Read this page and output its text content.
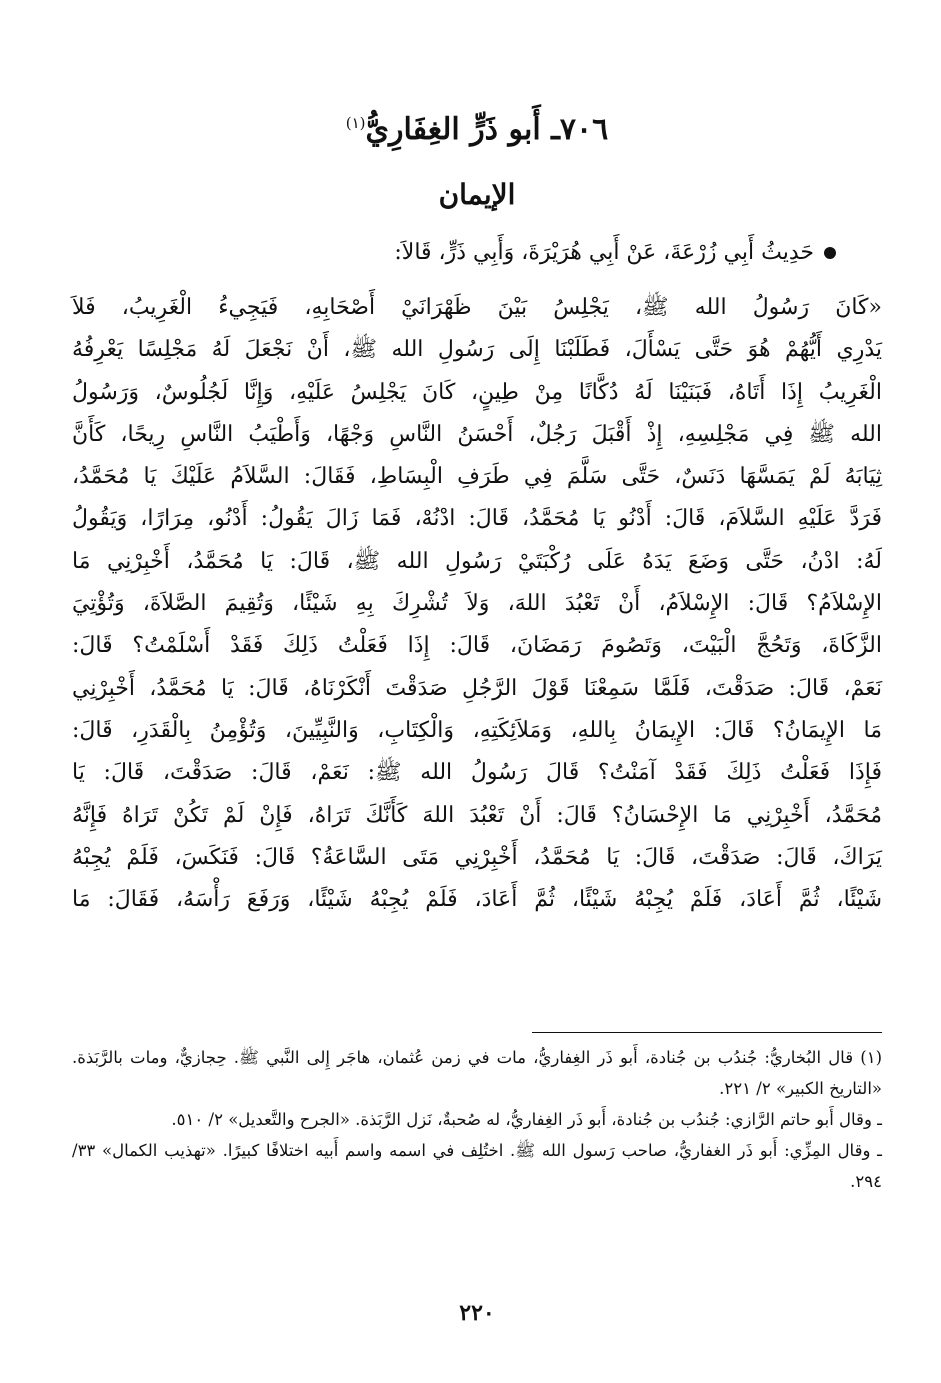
٧٠٦ـ أَبو ذَرٍّ الغِفَارِيُّ$^{(١)}$
الإيمان
حَدِيثُ أَبِي زُرْعَةَ، عَنْ أَبِي هُرَيْرَةَ، وَأَبِي ذَرٍّ، قَالاَ:
«كَانَ رَسُولُ الله ﷺ، يَجْلِسُ بَيْنَ ظَهْرَانَيْ أَصْحَابِهِ، فَيَجِيءُ الْغَرِيبُ، فَلاَ
يَدْرِي أَيُّهُمْ هُوَ حَتَّى يَسْأَلَ، فَطَلَبْنَا إِلَى رَسُولِ الله ﷺ، أَنْ نَجْعَلَ لَهُ مَجْلِسًا يَعْرِفُهُ
الْغَرِيبُ إِذَا أَتَاهُ، فَبَنَيْنَا لَهُ دُكَّانًا مِنْ طِينٍ، كَانَ يَجْلِسُ عَلَيْهِ، وَإِنَّا لَجُلُوسٌ، وَرَسُولُ
الله ﷺ فِي مَجْلِسِهِ، إِذْ أَقْبَلَ رَجُلٌ، أَحْسَنُ النَّاسِ وَجْهًا، وَأَطْيَبُ النَّاسِ رِيحًا، كَأَنَّ
ثِيَابَهُ لَمْ يَمَسَّهَا دَنَسٌ، حَتَّى سَلَّمَ فِي طَرَفِ الْبِسَاطِ، فَقَالَ: السَّلاَمُ عَلَيْكَ يَا مُحَمَّدُ،
فَرَدَّ عَلَيْهِ السَّلاَمَ، قَالَ: أَدْنُو يَا مُحَمَّدُ، قَالَ: ادْنُهْ، فَمَا زَالَ يَقُولُ: أَدْنُو، مِرَارًا، وَيَقُولُ
لَهُ: ادْنُ، حَتَّى وَضَعَ يَدَهُ عَلَى رُكْبَتَيْ رَسُولِ الله ﷺ، قَالَ: يَا مُحَمَّدُ، أَخْبِرْنِي مَا
الإِسْلاَمُ؟ قَالَ: الإِسْلاَمُ، أَنْ تَعْبُدَ اللهَ، وَلاَ تُشْرِكَ بِهِ شَيْئًا، وَتُقِيمَ الصَّلاَةَ، وَتُؤْتِيَ
الزَّكَاةَ، وَتَحُجَّ الْبَيْتَ، وَتَصُومَ رَمَضَانَ، قَالَ: إِذَا فَعَلْتُ ذَلِكَ فَقَدْ أَسْلَمْتُ؟ قَالَ:
نَعَمْ، قَالَ: صَدَقْتَ، فَلَمَّا سَمِعْنَا قَوْلَ الرَّجُلِ صَدَقْتَ أَنْكَرْنَاهُ، قَالَ: يَا مُحَمَّدُ، أَخْبِرْنِي
مَا الإِيمَانُ؟ قَالَ: الإِيمَانُ بِاللهِ، وَمَلاَئِكَتِهِ، وَالْكِتَابِ، وَالنَّبِيِّينَ، وَتُؤْمِنُ بِالْقَدَرِ، قَالَ:
فَإِذَا فَعَلْتُ ذَلِكَ فَقَدْ آمَنْتُ؟ قَالَ رَسُولُ الله ﷺ: نَعَمْ، قَالَ: صَدَقْتَ، قَالَ: يَا
مُحَمَّدُ، أَخْبِرْنِي مَا الإِحْسَانُ؟ قَالَ: أَنْ تَعْبُدَ اللهَ كَأَنَّكَ تَرَاهُ، فَإِنْ لَمْ تَكُنْ تَرَاهُ فَإِنَّهُ
يَرَاكَ، قَالَ: صَدَقْتَ، قَالَ: يَا مُحَمَّدُ، أَخْبِرْنِي مَتَى السَّاعَةُ؟ قَالَ: فَنَكَسَ، فَلَمْ يُجِبْهُ
شَيْئًا، ثُمَّ أَعَادَ، فَلَمْ يُجِبْهُ شَيْئًا، ثُمَّ أَعَادَ، فَلَمْ يُجِبْهُ شَيْئًا، وَرَفَعَ رَأْسَهُ، فَقَالَ: مَا
(١) قال البُخاريُّ: جُندُب بن جُنادة، أَبو ذَر الغِفاريُّ، مات في زمن عُثمان، هاجَر إِلى النَّبي ﷺ. حِجازيٌّ، ومات بالرَّبَذة. «التاريخ الكبير» ٢/ ٢٢١.
ـ وقال أَبو حاتم الرَّازي: جُندُب بن جُنادة، أَبو ذَر الغِفاريُّ، له صُحبةٌ، نَزل الرَّبَذة. «الجرح والتَّعديل» ٢/ ٥١٠.
ـ وقال المِزِّي: أَبو ذَر الغفاريُّ، صاحب رَسول الله ﷺ. اختُلِف في اسمه واسم أَبيه اختلافًا كبيرًا. «تهذيب الكمال» ٣٣/ ٢٩٤.
٢٢٠
